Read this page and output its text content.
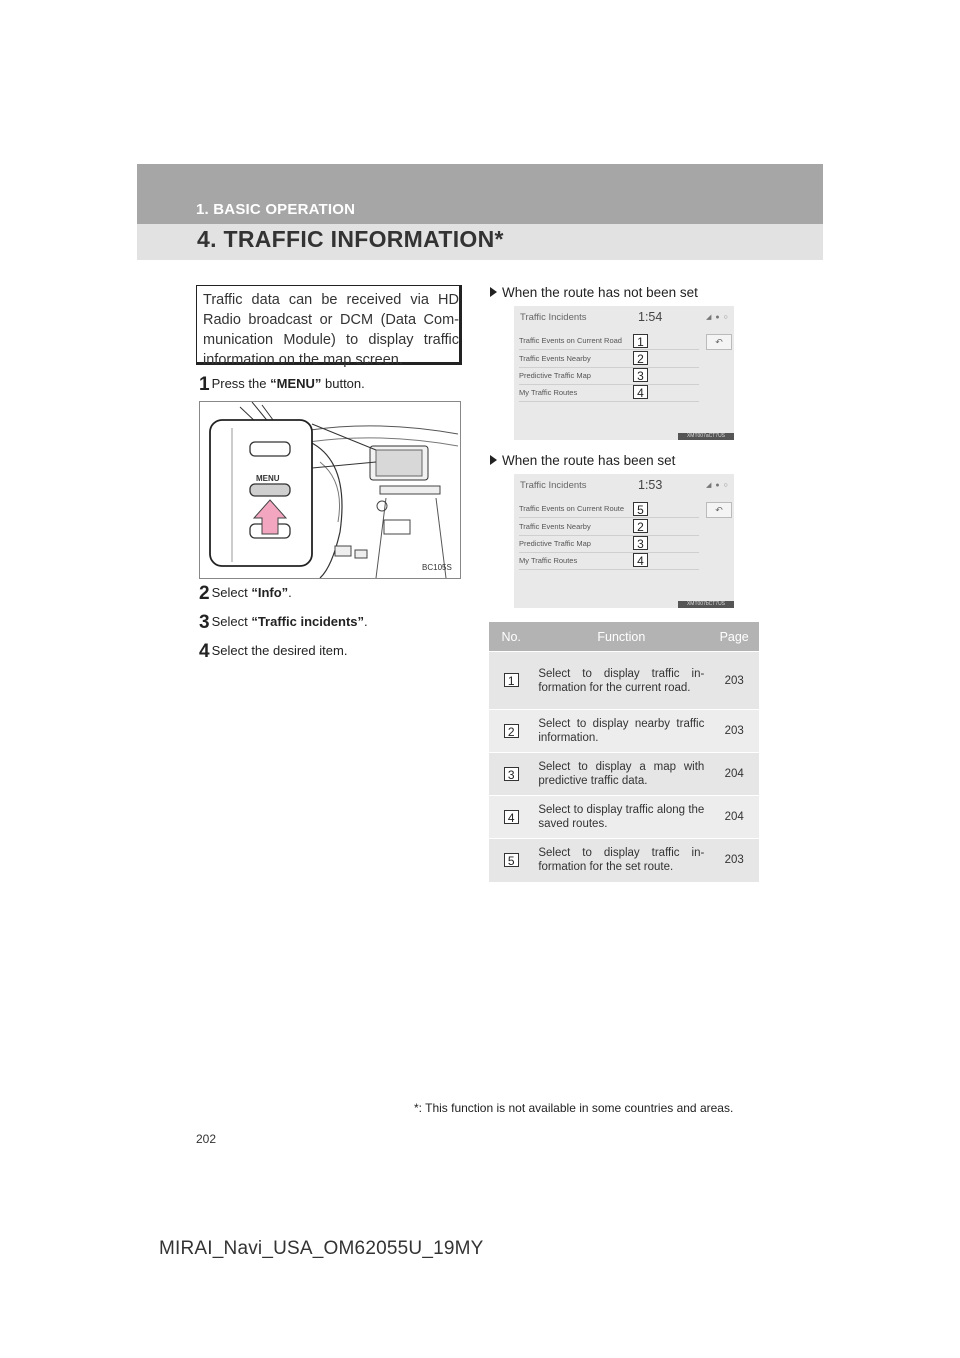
1. BASIC OPERATION
4. TRAFFIC INFORMATION*
Traffic data can be received via HD Radio broadcast or DCM (Data Com-munication Module) to display traffic information on the map screen.
1 Press the “MENU” button.
MENU
BC105S
2 Select “Info”.
3 Select “Traffic incidents”.
4 Select the desired item.
When the route has not been set
Traffic Incidents	1:54	◢ ● ○
↶
Traffic Events on Current Road
Traffic Events Nearby
Predictive Traffic Map
My Traffic Routes
1
2
3
4
XMT007aCT7US
When the route has been set
Traffic Incidents	1:53	◢ ● ○
↶
Traffic Events on Current Route
Traffic Events Nearby
Predictive Traffic Map
My Traffic Routes
5
2
3
4
XMT007bCT7US
No.	Function	Page
1	Select to display traffic in-formation for the current road.	203
2	Select to display nearby traffic information.	203
3	Select to display a map with predictive traffic data.	204
4	Select to display traffic along the saved routes.	204
5	Select to display traffic in-formation for the set route.	203
*: This function is not available in some countries and areas.
202
MIRAI_Navi_USA_OM62055U_19MY
